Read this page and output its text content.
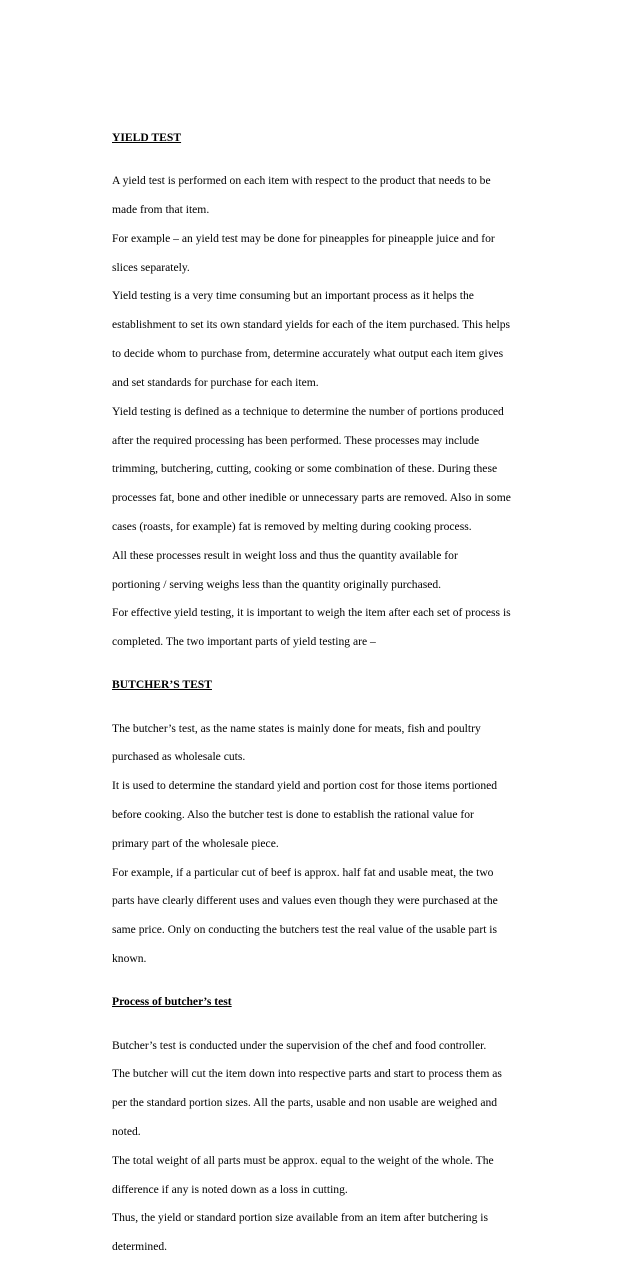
YIELD TEST

A yield test is performed on each item with respect to the product that needs to be

made from that item.

For example – an yield test may be done for pineapples for pineapple juice and for

slices separately.

Yield testing is a very time consuming but an important process as it helps the

establishment to set its own standard yields for each of the item purchased. This helps

to decide whom to purchase from, determine accurately what output each item gives

and set standards for purchase for each item.

Yield testing is defined as a technique to determine the number of portions produced

after the required processing has been performed. These processes may include

trimming, butchering, cutting, cooking or some combination of these. During these

processes fat, bone and other inedible or unnecessary parts are removed. Also in some

cases (roasts, for example) fat is removed by melting during cooking process.

All these processes result in weight loss and thus the quantity available for

portioning / serving weighs less than the quantity originally purchased.

For effective yield testing, it is important to weigh the item after each set of process is

completed. The two important parts of yield testing are –

BUTCHER’S TEST

The butcher’s test, as the name states is mainly done for meats, fish and poultry

purchased as wholesale cuts.

It is used to determine the standard yield and portion cost for those items portioned

before cooking. Also the butcher test is done to establish the rational value for

primary part of the wholesale piece.

For example, if a particular cut of beef is approx. half fat and usable meat, the two

parts have clearly different uses and values even though they were purchased at the

same price. Only on conducting the butchers test the real value of the usable part is

known.

Process of butcher’s test

Butcher’s test is conducted under the supervision of the chef and food controller.

The butcher will cut the item down into respective parts and start to process them as

per the standard portion sizes. All the parts, usable and non usable are weighed and

noted.

The total weight of all parts must be approx. equal to the weight of the whole. The

difference if any is noted down as a loss in cutting.

Thus, the yield or standard portion size available from an item after butchering is

determined.
